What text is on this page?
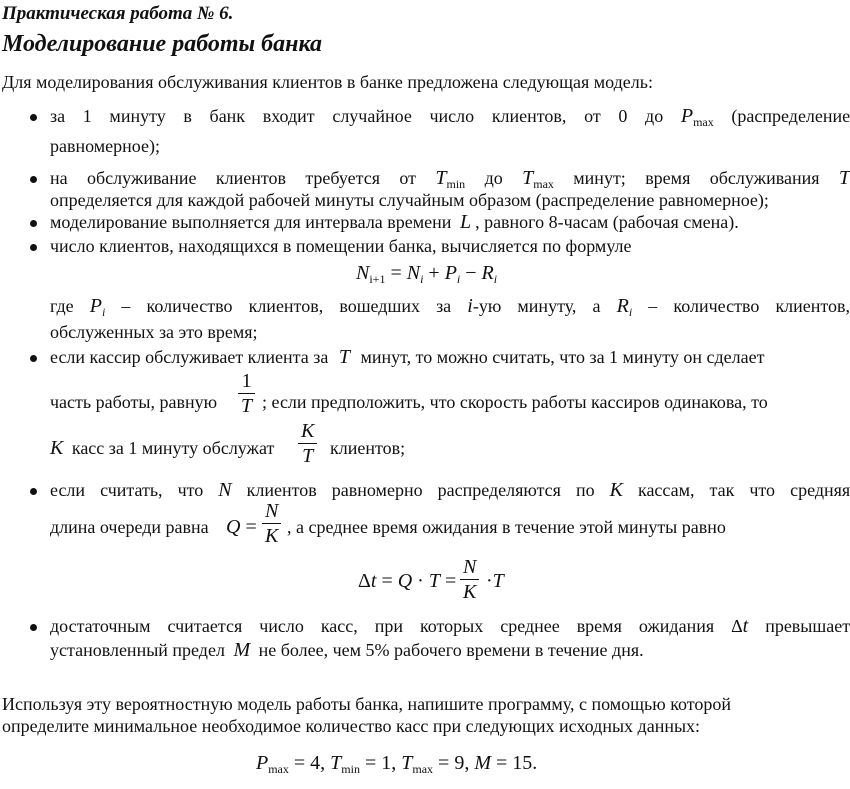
Практическая работа № 6.
Моделирование работы банка
Для моделирования обслуживания клиентов в банке предложена следующая модель:
за 1 минуту в банк входит случайное число клиентов, от 0 до $P_{max}$ (распределение
равномерное);
на обслуживание клиентов требуется от $T_{min}$ до $T_{max}$ минут; время обслуживания T
определяется для каждой рабочей минуты случайным образом (распределение равномерное);
моделирование выполняется для интервала времени L , равного 8-часам (рабочая смена).
число клиентов, находящихся в помещении банка, вычисляется по формуле
$N_{i+1} = N_i + P_i - R_i$
где $P_i$ – количество клиентов, вошедших за i-ую минуту, а $R_i$ – количество клиентов,
обслуженных за это время;
если кассир обслуживает клиента за T минут, то можно считать, что за 1 минуту он сделает
часть работы, равную
1
T ; если предположить, что скорость работы кассиров одинакова, то
K касс за 1 минуту обслужат
K
T клиентов;
если считать, что N клиентов равномерно распределяются по K кассам, так что средняя
длина очереди равна Q =
N
K , а среднее время ожидания в течение этой минуты равно
Δt = Q · T =
N
K ·T
достаточным считается число касс, при которых среднее время ожидания Δt превышает
установленный предел M не более, чем 5% рабочего времени в течение дня.
Используя эту вероятностную модель работы банка, напишите программу, с помощью которой
определите минимальное необходимое количество касс при следующих исходных данных:
$P_{max} = 4$, $T_{min} = 1$, $T_{max} = 9$, M = 15.
